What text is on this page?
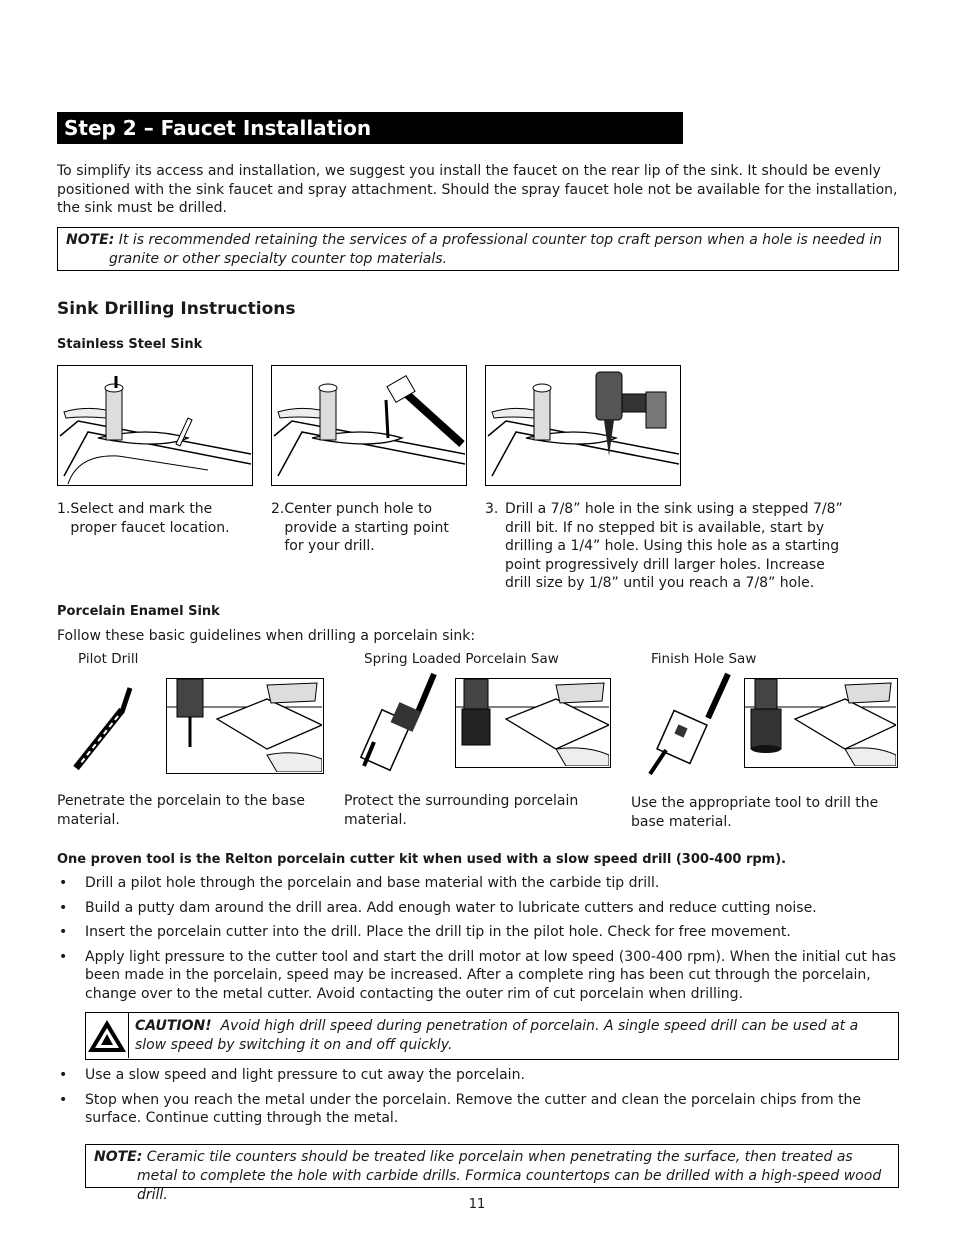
Step 2 – Faucet Installation

To simplify its access and installation, we suggest you install the faucet on the rear lip of the sink. It should be evenly positioned with the sink faucet and spray attachment. Should the spray faucet hole not be available for the installation, the sink must be drilled.

NOTE: It is recommended retaining the services of a professional counter top craft person when a hole is needed in granite or other specialty counter top materials.
Sink Drilling Instructions
Stainless Steel Sink
1. Select and mark the proper faucet location.
2. Center punch hole to provide a starting point for your drill.
3. Drill a 7/8” hole in the sink using a stepped 7/8” drill bit. If no stepped bit is available, start by drilling a 1/4” hole. Using this hole as a starting point progressively drill larger holes. Increase drill size by 1/8” until you reach a 7/8” hole.
Porcelain Enamel Sink
Follow these basic guidelines when drilling a porcelain sink:
Pilot Drill	Spring Loaded Porcelain Saw	Finish Hole Saw
Penetrate the porcelain to the base material.
Protect the surrounding porcelain material.
Use the appropriate tool to drill the base material.
One proven tool is the Relton porcelain cutter kit when used with a slow speed drill (300-400 rpm).
• Drill a pilot hole through the porcelain and base material with the carbide tip drill.
• Build a putty dam around the drill area. Add enough water to lubricate cutters and reduce cutting noise.
• Insert the porcelain cutter into the drill. Place the drill tip in the pilot hole. Check for free movement.
• Apply light pressure to the cutter tool and start the drill motor at low speed (300-400 rpm). When the initial cut has been made in the porcelain, speed may be increased. After a complete ring has been cut through the porcelain, change over to the metal cutter. Avoid contacting the outer rim of cut porcelain when drilling.
CAUTION! Avoid high drill speed during penetration of porcelain. A single speed drill can be used at a slow speed by switching it on and off quickly.
• Use a slow speed and light pressure to cut away the porcelain.
• Stop when you reach the metal under the porcelain. Remove the cutter and clean the porcelain chips from the surface. Continue cutting through the metal.
NOTE: Ceramic tile counters should be treated like porcelain when penetrating the surface, then treated as metal to complete the hole with carbide drills. Formica countertops can be drilled with a high-speed wood drill.
11
